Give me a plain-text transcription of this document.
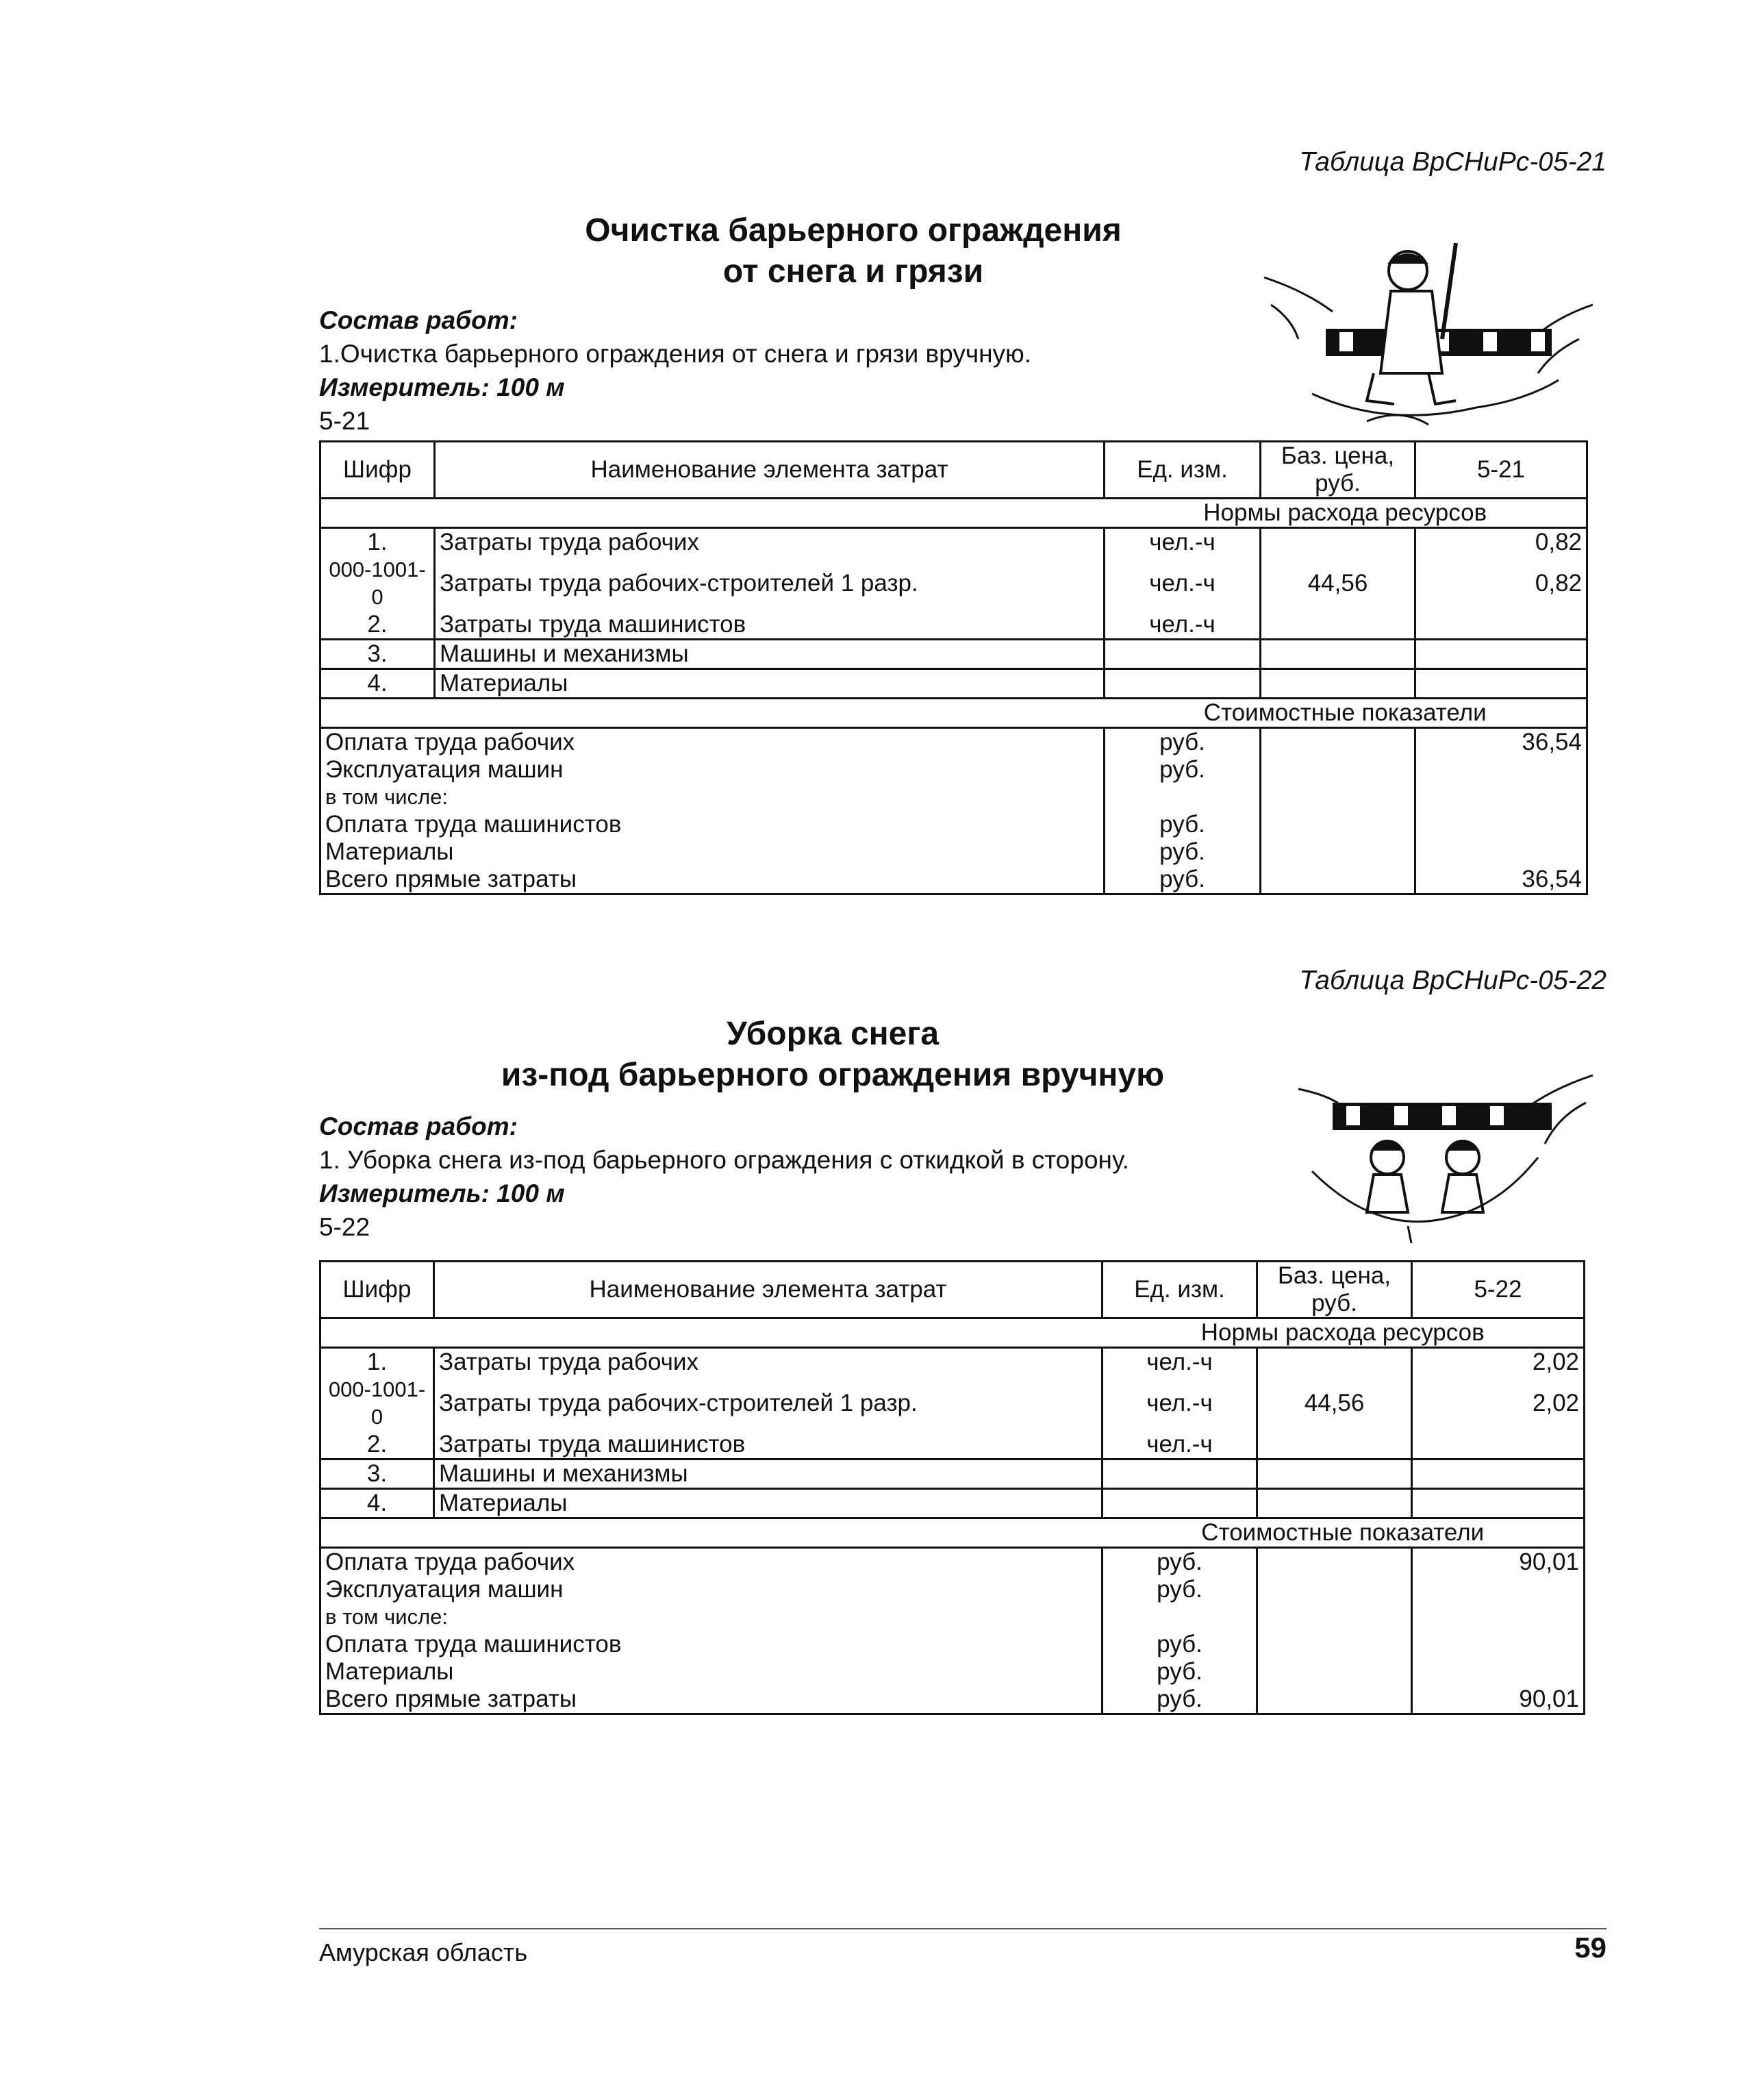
Таблица ВрСНиРс-05-21
Очистка барьерного ограждения
от снега и грязи
Состав работ:
1.Очистка барьерного ограждения от снега и грязи вручную.
Измеритель: 100 м
5-21
Шифр	Наименование элемента затрат	Ед. изм.	Баз. цена, руб.	5-21
		Нормы расхода ресурсов		
1.	Затраты труда рабочих	чел.-ч		0,82
000-1001-0	Затраты труда рабочих-строителей 1 разр.	чел.-ч	44,56	0,82
2.	Затраты труда машинистов	чел.-ч		
3.	Машины и механизмы			
4.	Материалы			
		Стоимостные показатели		
Оплата труда рабочих		руб.		36,54
Эксплуатация машин		руб.		
в том числе:				
Оплата труда машинистов		руб.		
Материалы		руб.		
Всего прямые затраты		руб.		36,54
Таблица ВрСНиРс-05-22
Уборка снега
из-под барьерного ограждения вручную
Состав работ:
1. Уборка снега из-под барьерного ограждения с откидкой в сторону.
Измеритель: 100 м
5-22
Шифр	Наименование элемента затрат	Ед. изм.	Баз. цена, руб.	5-22
		Нормы расхода ресурсов		
1.	Затраты труда рабочих	чел.-ч		2,02
000-1001-0	Затраты труда рабочих-строителей 1 разр.	чел.-ч	44,56	2,02
2.	Затраты труда машинистов	чел.-ч		
3.	Машины и механизмы			
4.	Материалы			
		Стоимостные показатели		
Оплата труда рабочих		руб.		90,01
Эксплуатация машин		руб.		
в том числе:				
Оплата труда машинистов		руб.		
Материалы		руб.		
Всего прямые затраты		руб.		90,01
Амурская область	59
